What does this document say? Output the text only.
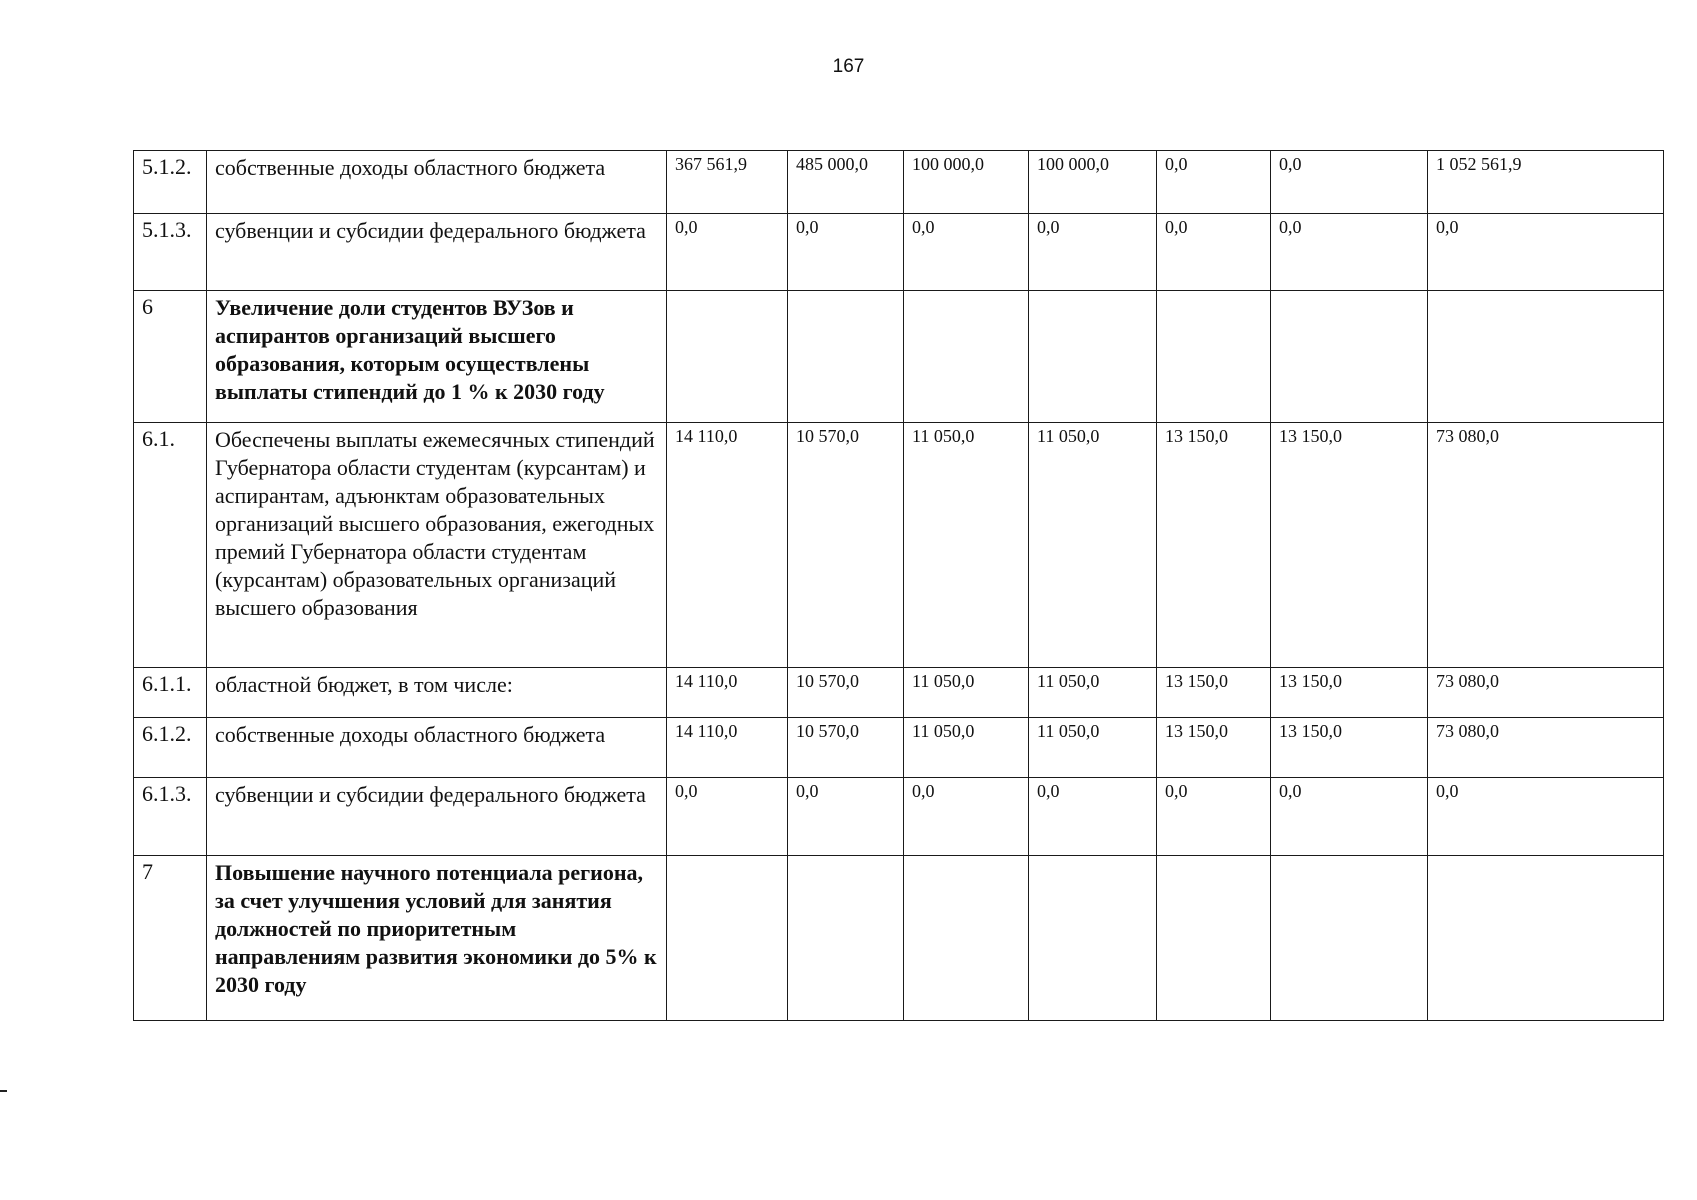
167
5.1.2.	собственные доходы областного бюджета	367 561,9	485 000,0	100 000,0	100 000,0	0,0	0,0	1 052 561,9
5.1.3.	субвенции и субсидии федерального бюджета	0,0	0,0	0,0	0,0	0,0	0,0	0,0
6	Увеличение доли студентов ВУЗов и аспирантов организаций высшего образования, которым осуществлены выплаты стипендий до 1 % к 2030 году							
6.1.	Обеспечены выплаты ежемесячных стипендий Губернатора области студентам (курсантам) и аспирантам, адъюнктам образовательных организаций высшего образования, ежегодных премий Губернатора области студентам (курсантам) образовательных организаций высшего образования	14 110,0	10 570,0	11 050,0	11 050,0	13 150,0	13 150,0	73 080,0
6.1.1.	областной бюджет, в том числе:	14 110,0	10 570,0	11 050,0	11 050,0	13 150,0	13 150,0	73 080,0
6.1.2.	собственные доходы областного бюджета	14 110,0	10 570,0	11 050,0	11 050,0	13 150,0	13 150,0	73 080,0
6.1.3.	субвенции и субсидии федерального бюджета	0,0	0,0	0,0	0,0	0,0	0,0	0,0
7	Повышение научного потенциала региона, за счет улучшения условий для занятия должностей по приоритетным направлениям развития экономики до 5% к 2030 году							
